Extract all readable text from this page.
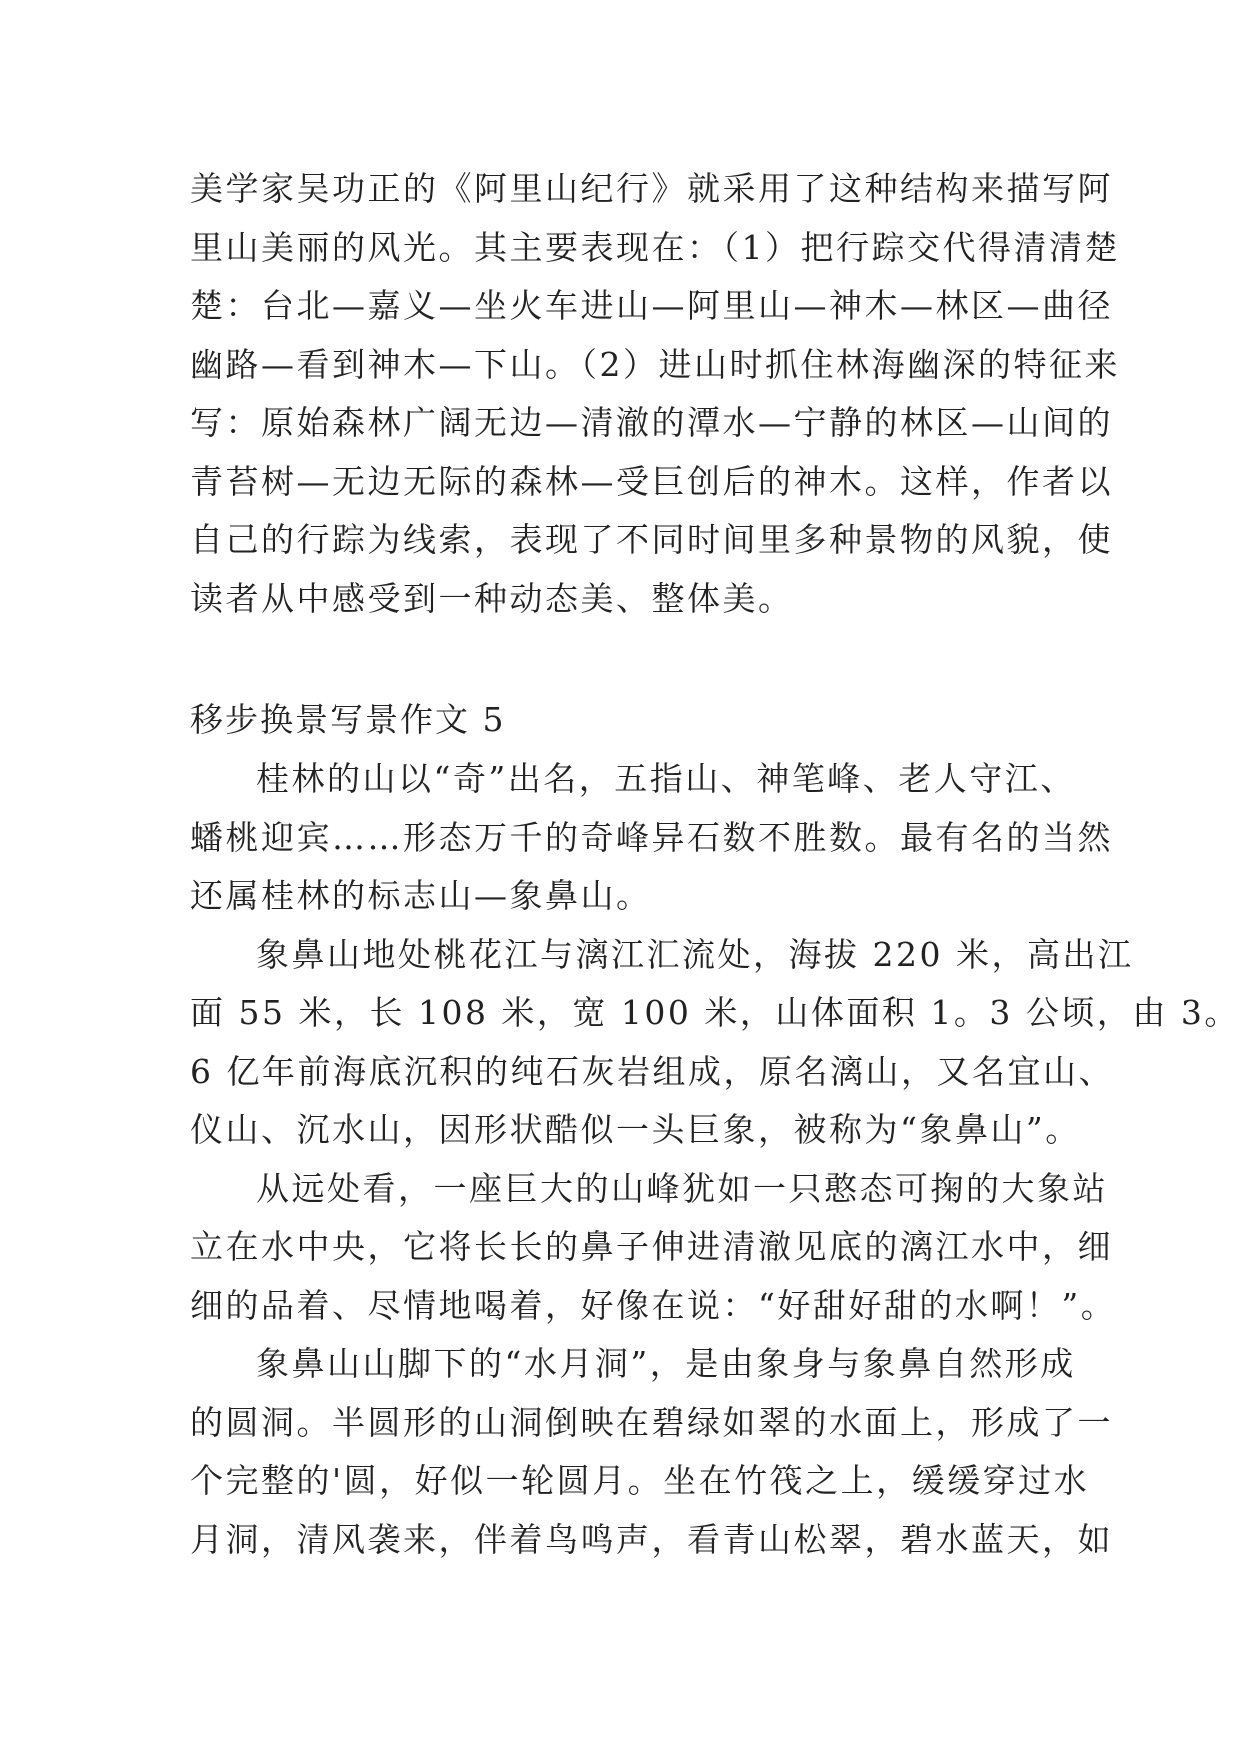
美学家吴功正的《阿里山纪行》就采用了这种结构来描写阿
里山美丽的风光。其主要表现在：（1）把行踪交代得清清楚
楚：台北—嘉义—坐火车进山—阿里山—神木—林区—曲径
幽路—看到神木—下山。（2）进山时抓住林海幽深的特征来
写：原始森林广阔无边—清澈的潭水—宁静的林区—山间的
青苔树—无边无际的森林—受巨创后的神木。这样，作者以
自己的行踪为线索，表现了不同时间里多种景物的风貌，使
读者从中感受到一种动态美、整体美。
移步换景写景作文 5
桂林的山以“奇”出名，五指山、神笔峰、老人守江、
蟠桃迎宾……形态万千的奇峰异石数不胜数。最有名的当然
还属桂林的标志山—象鼻山。
象鼻山地处桃花江与漓江汇流处，海拔 220 米，高出江
面 55 米，长 108 米，宽 100 米，山体面积 1。3 公顷，由 3。
6 亿年前海底沉积的纯石灰岩组成，原名漓山，又名宜山、
仪山、沉水山，因形状酷似一头巨象，被称为“象鼻山”。
从远处看，一座巨大的山峰犹如一只憨态可掬的大象站
立在水中央，它将长长的鼻子伸进清澈见底的漓江水中，细
细的品着、尽情地喝着，好像在说：“好甜好甜的水啊！”。
象鼻山山脚下的“水月洞”，是由象身与象鼻自然形成
的圆洞。半圆形的山洞倒映在碧绿如翠的水面上，形成了一
个完整的'圆，好似一轮圆月。坐在竹筏之上，缓缓穿过水
月洞，清风袭来，伴着鸟鸣声，看青山松翠，碧水蓝天，如
